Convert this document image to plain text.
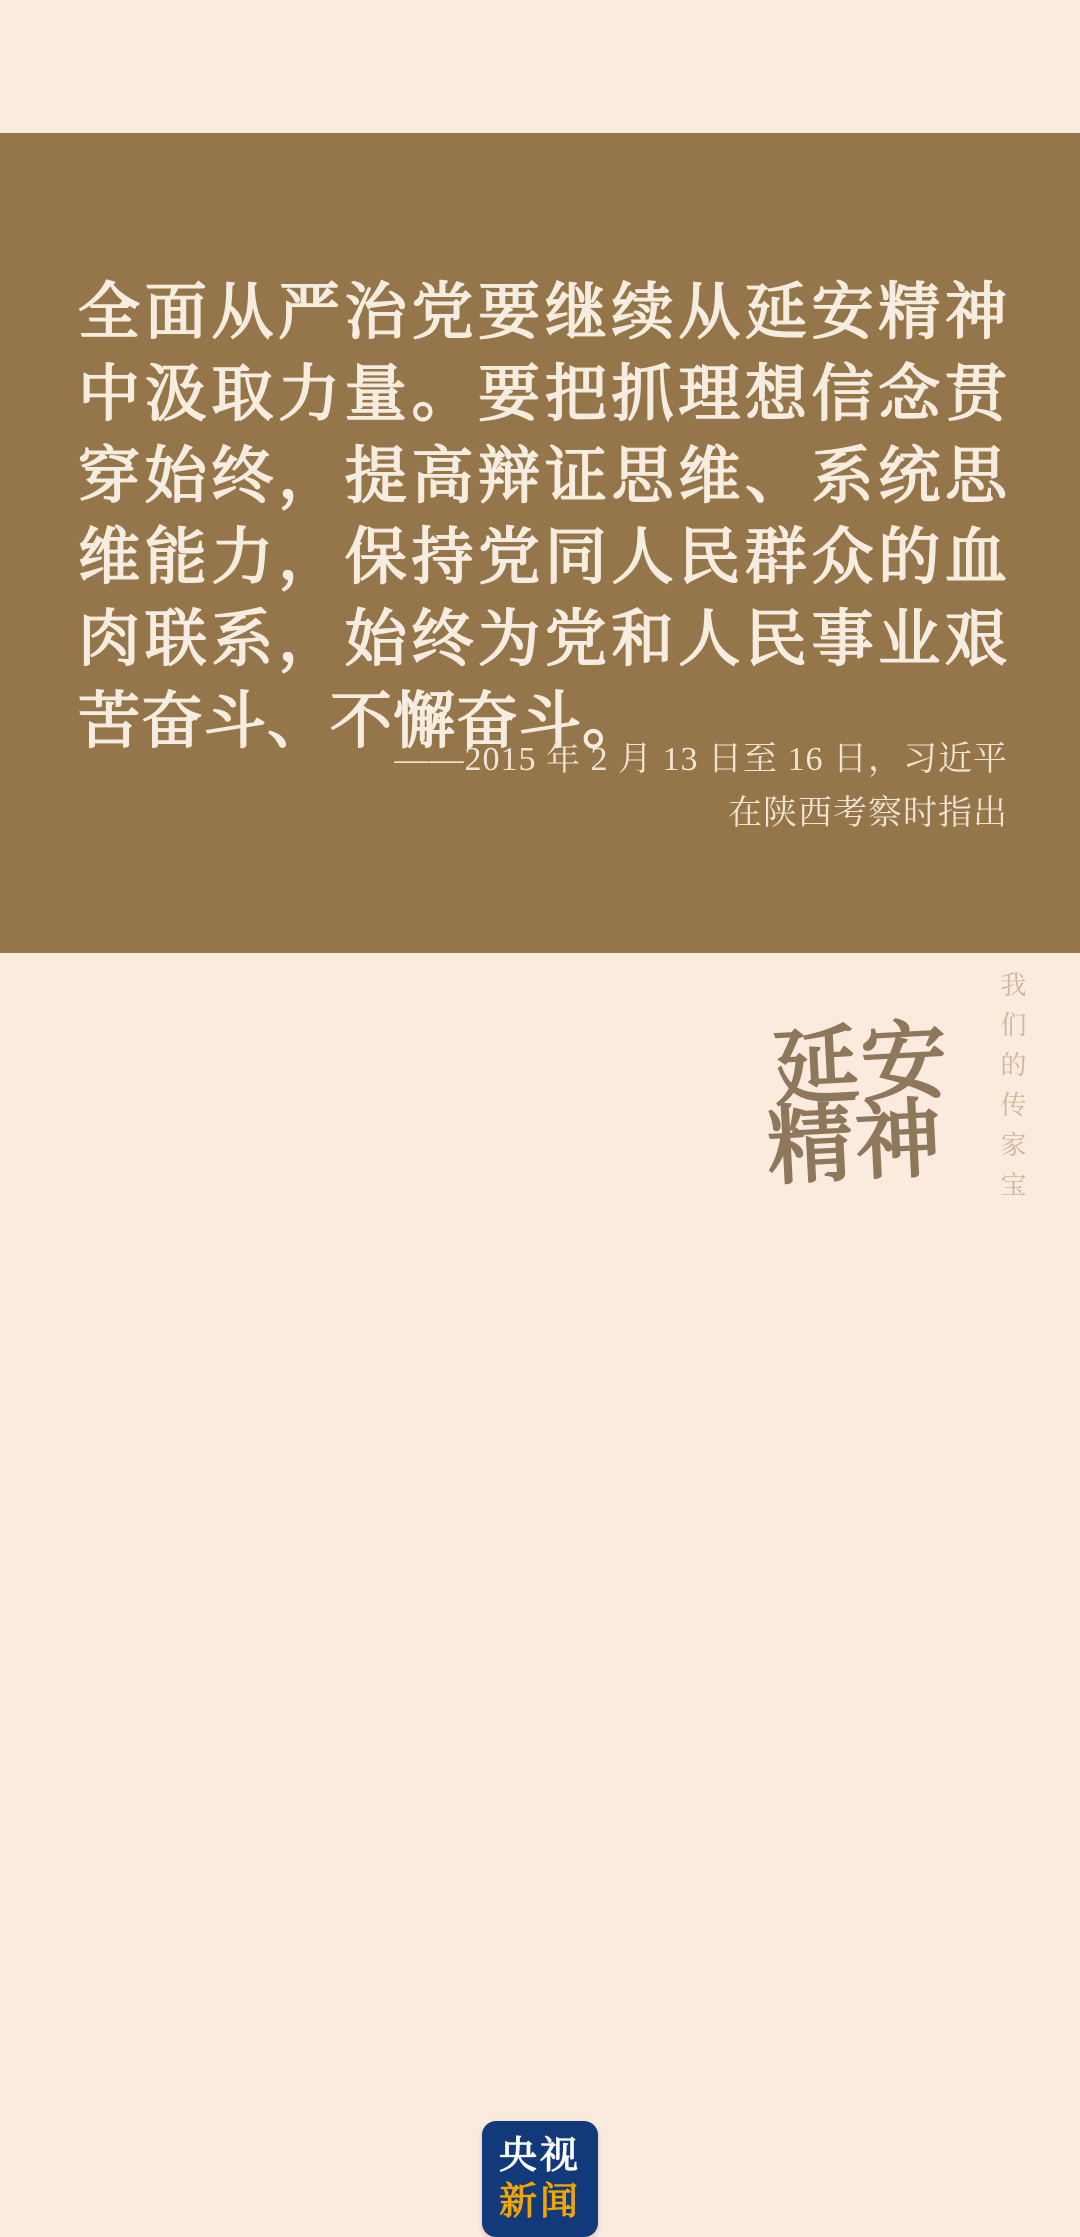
全面从严治党要继续从延安精神中汲取力量。要把抓理想信念贯穿始终，提高辩证思维、系统思维能力，保持党同人民群众的血肉联系，始终为党和人民事业艰苦奋斗、不懈奋斗。
——2015 年 2 月 13 日至 16 日，习近平
在陕西考察时指出
我们的传家宝
延安
精神
央视
新闻
